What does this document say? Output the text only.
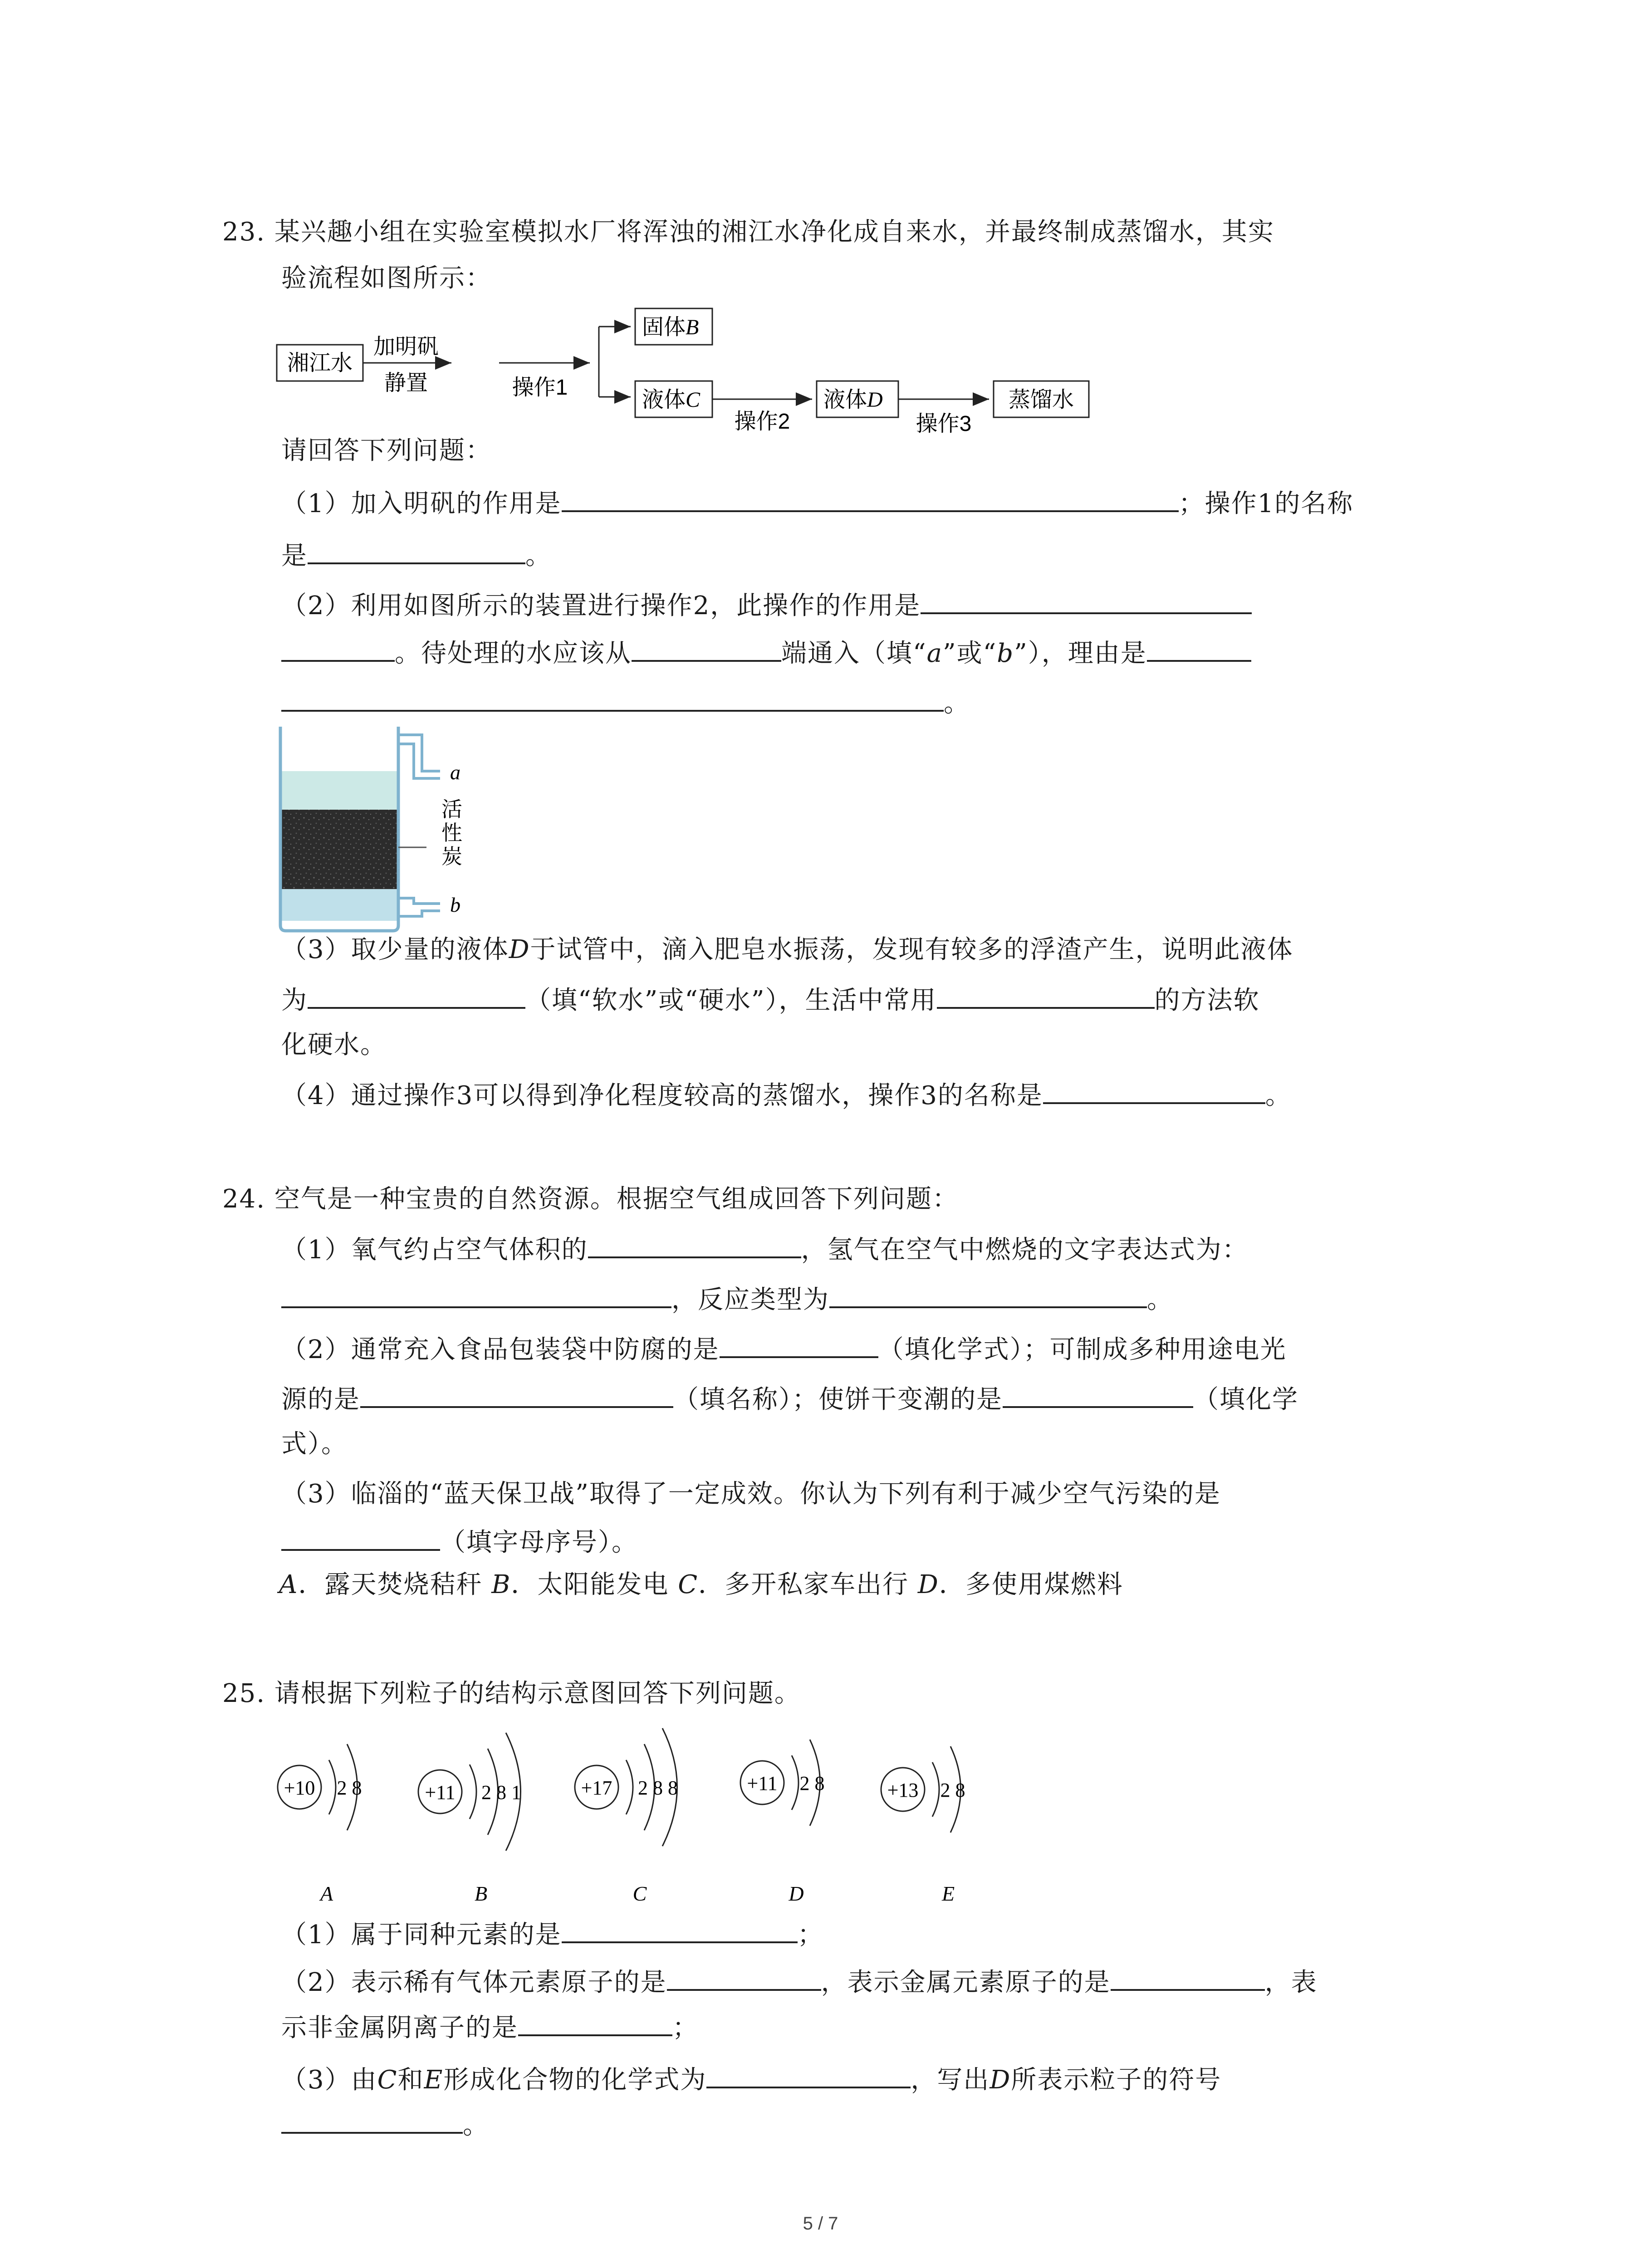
23. 某兴趣小组在实验室模拟水厂将浑浊的湘江水净化成自来水，并最终制成蒸馏水，其实
验流程如图所示：
湘江水
加明矾
静置	操作1
固体B
液体C
操作2
液体D
操作3
蒸馏水
请回答下列问题：
（1）加入明矾的作用是	；操作1的名称
是	。
（2）利用如图所示的装置进行操作2，此操作的作用是
。待处理的水应该从	端通入（填“a”或“b”），理由是
。
a
b
活
性
炭
（3）取少量的液体D于试管中，滴入肥皂水振荡，发现有较多的浮渣产生，说明此液体
为	（填“软水”或“硬水”），生活中常用	的方法软
化硬水。
（4）通过操作3可以得到净化程度较高的蒸馏水，操作3的名称是	。
24. 空气是一种宝贵的自然资源。根据空气组成回答下列问题：
（1）氧气约占空气体积的	，氢气在空气中燃烧的文字表达式为：
，反应类型为	。
（2）通常充入食品包装袋中防腐的是	（填化学式）；可制成多种用途电光
源的是	（填名称）；使饼干变潮的是	（填化学
式）。
（3）临淄的“蓝天保卫战”取得了一定成效。你认为下列有利于减少空气污染的是
（填字母序号）。
A．露天焚烧秸秆 B．太阳能发电 C．多开私家车出行 D．多使用煤燃料
25. 请根据下列粒子的结构示意图回答下列问题。
+10 2 8
A
+11 2 8 1
B
+17 2 8 8
C
+11 2 8
D
+13 2 8
E
（1）属于同种元素的是	；
（2）表示稀有气体元素原子的是	，表示金属元素原子的是	，表
示非金属阴离子的是	；
（3）由C和E形成化合物的化学式为	，写出D所表示粒子的符号
。
5 / 7
